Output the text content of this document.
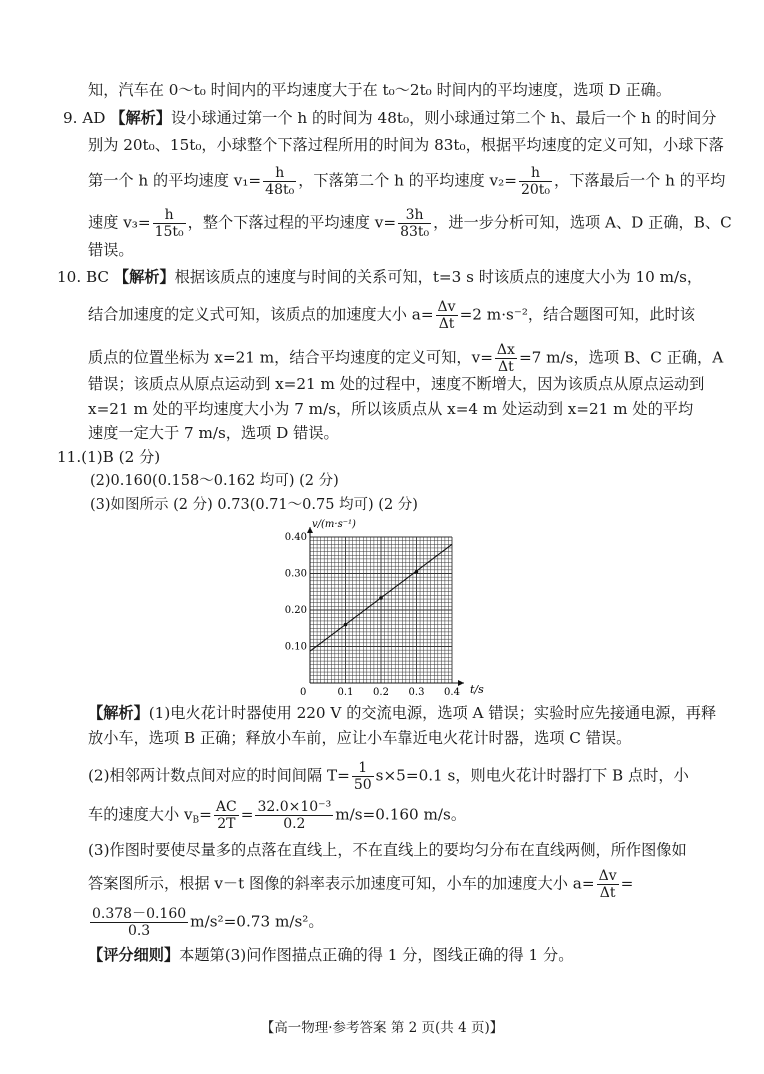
知，汽车在 0～t₀ 时间内的平均速度大于在 t₀～2t₀ 时间内的平均速度，选项 D 正确。
9. AD 【解析】设小球通过第一个 h 的时间为 48t₀，则小球通过第二个 h、最后一个 h 的时间分
别为 20t₀、15t₀，小球整个下落过程所用的时间为 83t₀，根据平均速度的定义可知，小球下落
第一个 h 的平均速度 $v_1= \frac{h}{\text{48t₀}}$ ，下落第二个 h 的平均速度 $v_2= \frac{h}{\text{20t₀}}$ ，下落最后一个 h 的平均
速度 $v_3= \frac{h}{\text{15t₀}}$ ，整个下落过程的平均速度 $v= \frac{3h}{\text{83t₀}}$ ，进一步分析可知，选项 A、D 正确，B、C
错误。
10. BC 【解析】根据该质点的速度与时间的关系可知，t=3 s 时该质点的速度大小为 10 m/s，
结合加速度的定义式可知，该质点的加速度大小 $a= \frac{\Delta v}{\Delta t} =2$ m·s⁻²，结合题图可知，此时该
质点的位置坐标为 x=21 m，结合平均速度的定义可知，$v= \frac{\Delta x}{\Delta t} =7$ m/s，选项 B、C 正确，A
错误；该质点从原点运动到 x=21 m 处的过程中，速度不断增大，因为该质点从原点运动到
x=21 m 处的平均速度大小为 7 m/s，所以该质点从 x=4 m 处运动到 x=21 m 处的平均
速度一定大于 7 m/s，选项 D 错误。
11.(1)B (2 分)
(2)0.160(0.158～0.162 均可) (2 分)
(3)如图所示 (2 分) 0.73(0.71～0.75 均可) (2 分)
0	0.1 0.2 0.3 0.4
0.10
0.20
0.30
0.40
v/(m·s⁻¹)
t/s
【解析】(1)电火花计时器使用 220 V 的交流电源，选项 A 错误；实验时应先接通电源，再释
放小车，选项 B 正确；释放小车前，应让小车靠近电火花计时器，选项 C 错误。
(2)相邻两计数点间对应的时间间隔 $T= \frac{1}{50} s\times 5=0.1$ s，则电火花计时器打下 B 点时，小
车的速度大小 $v_B= \frac{AC}{2T} = \frac{\text{32.0×10⁻³}}{0.2} m/s=0.160$ m/s。
(3)作图时要使尽量多的点落在直线上，不在直线上的要均匀分布在直线两侧，所作图像如
答案图所示，根据 v－t 图像的斜率表示加速度可知，小车的加速度大小 $a= \frac{\Delta v}{\Delta t}$ =
$\frac{0.378-0.160}{0.3} m/s^2=0.73$ m/s²。
【评分细则】本题第(3)问作图描点正确的得 1 分，图线正确的得 1 分。
【高一物理·参考答案 第 2 页(共 4 页)】
